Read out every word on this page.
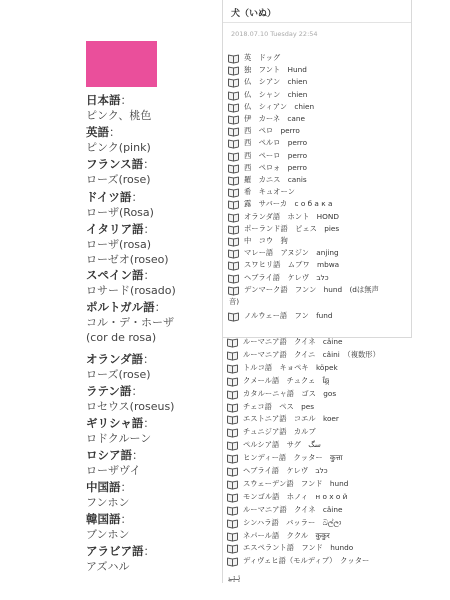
日本語：
ピンク、桃色
英語：
ピンク(pink)
フランス語：
ローズ(rose)
ドイツ語：
ローザ(Rosa)
イタリア語：
ローザ(rosa)
ローゼオ(roseo)
スペイン語：
ロサード(rosado)
ポルトガル語：
コル・デ・ホーザ
(cor de rosa)
オランダ語：
ローズ(rose)
ラテン語：
ロセウス(roseus)
ギリシャ語：
ロドクルーン
ロシア語：
ローザヴイ
中国語：
フンホン
韓国語：
ブンホン
アラビア語：
アズハル
犬（いぬ）
2018.07.10 Tuesday 22:54
英　ドッグ
独　フント　Hund
仏　シアン　chien
仏　シャン　chien
仏　シィアン　chien
伊　カーネ　cane
西　ペロ　perro
西　ペルロ　perro
西　ペーロ　perro
西　ペロォ　perro
羅　カニス　canis
希　キュオーン
露　サバーカ　с о б а к а
オランダ語　ホント　HOND
ポーランド語　ピェス　pies
中　コウ　狗
マレー語　アヌジン　anjing
スワヒリ語　ムブワ　mbwa
ヘブライ語　ケレヴ　כלב
デンマーク語　フンン　hund　(dは無声
音)
ノルウェー語　フン　fund
ルーマニア語　クイネ　câine
ルーマニア語　クイニ　câini　（複数形）
トルコ語　キョペキ　köpek
クメール語　チュクェ　ឆ្កែ
カタルーニャ語　ゴス　gos
チェコ語　ペス　pes
エストニア語　コエル　koer
チュニジア語　カルブ
ペルシア語　サグ　سگ
ヒンディー語　クッター　कुत्ता
ヘブライ語　ケレヴ　כלב
スウェーデン語　フンド　hund
モンゴル語　ホノィ　н о х о й
ルーマニア語　クイネ　câine
シンハラ語　バッラー　බල්ලා
ネパール語　ククル　कुकुर
エスペラント語　フンド　hundo
ディヴェヒ語（モルディブ）　クッター
ݺݺݺ
